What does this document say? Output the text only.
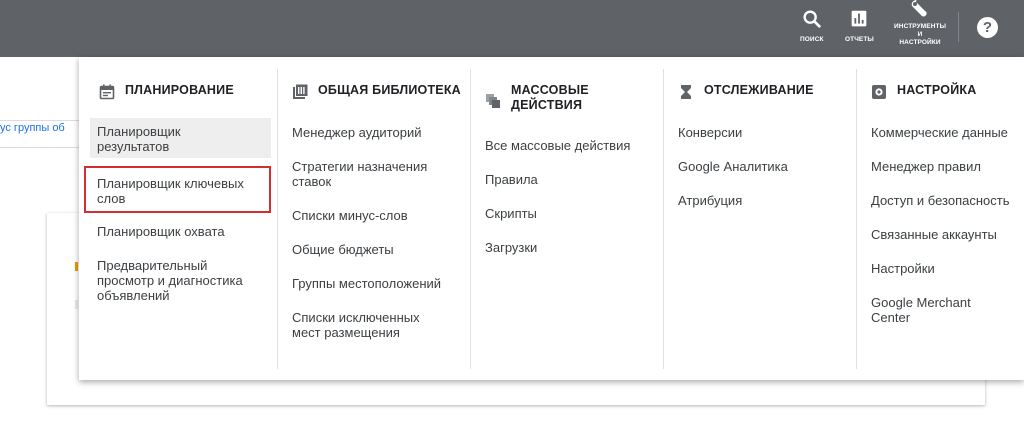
ус группы об
ПОИСК	ОТЧЕТЫ
ИНСТРУМЕНТЫ
И
НАСТРОЙКИ
?
ПЛАНИРОВАНИЕ
Планировщик
результатов
Планировщик ключевых
слов
Планировщик охвата
Предварительный
просмотр и диагностика
объявлений
ОБЩАЯ БИБЛИОТЕКА
Менеджер аудиторий
Стратегии назначения
ставок
Списки минус-слов
Общие бюджеты
Группы местоположений
Списки исключенных
мест размещения
МАССОВЫЕ
ДЕЙСТВИЯ
Все массовые действия
Правила
Скрипты
Загрузки
ОТСЛЕЖИВАНИЕ
Конверсии
Google Аналитика
Атрибуция
НАСТРОЙКА
Коммерческие данные
Менеджер правил
Доступ и безопасность
Связанные аккаунты
Настройки
Google Merchant
Center
